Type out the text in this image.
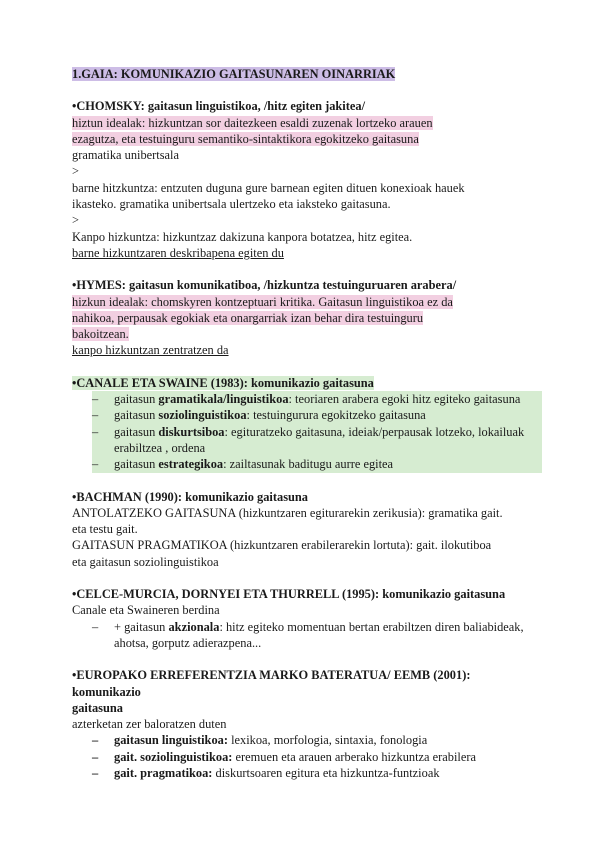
1.GAIA: KOMUNIKAZIO GAITASUNAREN OINARRIAK
•CHOMSKY: gaitasun linguistikoa, /hitz egiten jakitea/
hiztun idealak: hizkuntzan sor daitezkeen esaldi zuzenak lortzeko arauen
ezagutza, eta testuinguru semantiko-sintaktikora egokitzeko gaitasuna
gramatika unibertsala
>
barne hitzkuntza: entzuten duguna gure barnean egiten dituen konexioak hauek
ikasteko. gramatika unibertsala ulertzeko eta iaksteko gaitasuna.
>
Kanpo hizkuntza: hizkuntzaz dakizuna kanpora botatzea, hitz egitea.
barne hizkuntzaren deskribapena egiten du
•HYMES: gaitasun komunikatiboa, /hizkuntza testuinguruaren arabera/
hizkun idealak: chomskyren kontzeptuari kritika. Gaitasun linguistikoa ez da
nahikoa, perpausak egokiak eta onargarriak izan behar dira testuinguru
bakoitzean.
kanpo hizkuntzan zentratzen da
•CANALE ETA SWAINE (1983): komunikazio gaitasuna
– gaitasun gramatikala/linguistikoa: teoriaren arabera egoki hitz egiteko gaitasuna
– gaitasun soziolinguistikoa: testuingurura egokitzeko gaitasuna
– gaitasun diskurtsiboa: egituratzeko gaitasuna, ideiak/perpausak lotzeko, lokailuak erabiltzea , ordena
– gaitasun estrategikoa: zailtasunak baditugu aurre egitea
•BACHMAN (1990): komunikazio gaitasuna
ANTOLATZEKO GAITASUNA (hizkuntzaren egiturarekin zerikusia): gramatika gait.
eta testu gait.
GAITASUN PRAGMATIKOA (hizkuntzaren erabilerarekin lortuta): gait. ilokutiboa
eta gaitasun soziolinguistikoa
•CELCE-MURCIA, DORNYEI ETA THURRELL (1995): komunikazio gaitasuna
Canale eta Swaineren berdina
– + gaitasun akzionala: hitz egiteko momentuan bertan erabiltzen diren baliabideak, ahotsa, gorputz adierazpena...
•EUROPAKO ERREFERENTZIA MARKO BATERATUA/ EEMB (2001): komunikazio
gaitasuna
azterketan zer baloratzen duten
– gaitasun linguistikoa: lexikoa, morfologia, sintaxia, fonologia
– gait. soziolinguistikoa: eremuen eta arauen arberako hizkuntza erabilera
– gait. pragmatikoa: diskurtsoaren egitura eta hizkuntza-funtzioak
